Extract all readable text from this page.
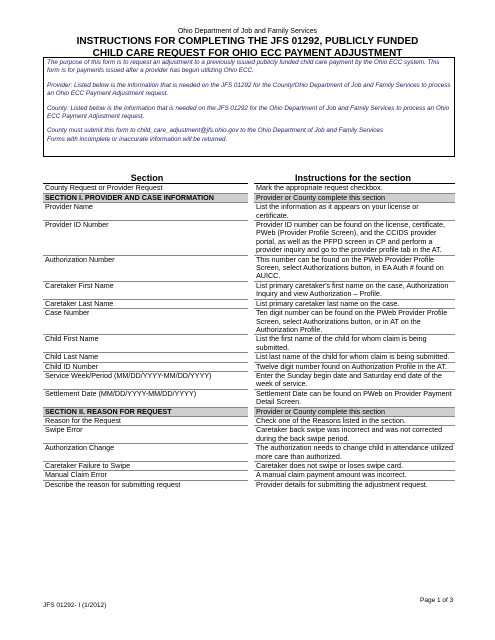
Ohio Department of Job and Family Services
INSTRUCTIONS FOR COMPLETING THE JFS 01292, PUBLICLY FUNDED
CHILD CARE REQUEST FOR OHIO ECC PAYMENT ADJUSTMENT

The purpose of this form is to request an adjustment to a previously issued publicly funded child care payment by the Ohio ECC system. This form is for payments issued after a provider has begun utilizing Ohio ECC.

Provider: Listed below is the information that is needed on the JFS 01292 for the County/Ohio Department of Job and Family Services to process an Ohio ECC Payment Adjustment request.

County: Listed below is the information that is needed on the JFS 01292 for the Ohio Department of Job and Family Services to process an Ohio ECC Payment Adjustment request.

County must submit this form to child_care_adjustment@jfs.ohio.gov to the Ohio Department of Job and Family Services

Forms with incomplete or inaccurate information will be returned.

Section	Instructions for the section
County Request or Provider Request	Mark the appropriate request checkbox.
SECTION I. PROVIDER AND CASE INFORMATION	Provider or County complete this section
Provider Name	List the information as it appears on your license or certificate.
Provider ID Number	Provider ID number can be found on the license, certificate, PWeb (Provider Profile Screen), and the CCIDS provider portal, as well as the PFPD screen in CP and perform a provider inquiry and go to the provider profile tab in the AT.
Authorization Number	This number can be found on the PWeb Provider Profile Screen, select Authorizations button, in EA Auth # found on AUICC.
Caretaker First Name	List primary caretaker's first name on the case, Authorization Inquiry and view Authorization – Profile.
Caretaker Last Name	List primary caretaker last name on the case.
Case Number	Ten digit number can be found on the PWeb Provider Profile Screen, select Authorizations button, or in AT on the Authorization Profile.
Child First Name	List the first name of the child for whom claim is being submitted.
Child Last Name	List last name of the child for whom claim is being submitted.
Child ID Number	Twelve digit number found on Authorization Profile in the AT.
Service Week/Period (MM/DD/YYYY-MM/DD/YYYY)	Enter the Sunday begin date and Saturday end date of the week of service.
Settlement Date (MM/DD/YYYY-MM/DD/YYYY)	Settlement Date can be found on PWeb on Provider Payment Detail Screen.
SECTION II. REASON FOR REQUEST	Provider or County complete this section
Reason for the Request	Check one of the Reasons listed in the section.
Swipe Error	Caretaker back swipe was incorrect and was not corrected during the back swipe period.
Authorization Change	The authorization needs to change child in attendance utilized more care than authorized.
Caretaker Failure to Swipe	Caretaker does not swipe or loses swipe card.
Manual Claim Error	A manual claim payment amount was incorrect.
Describe the reason for submitting request	Provider details for submitting the adjustment request.
JFS 01292- I (1/2012)
Page 1 of 3
